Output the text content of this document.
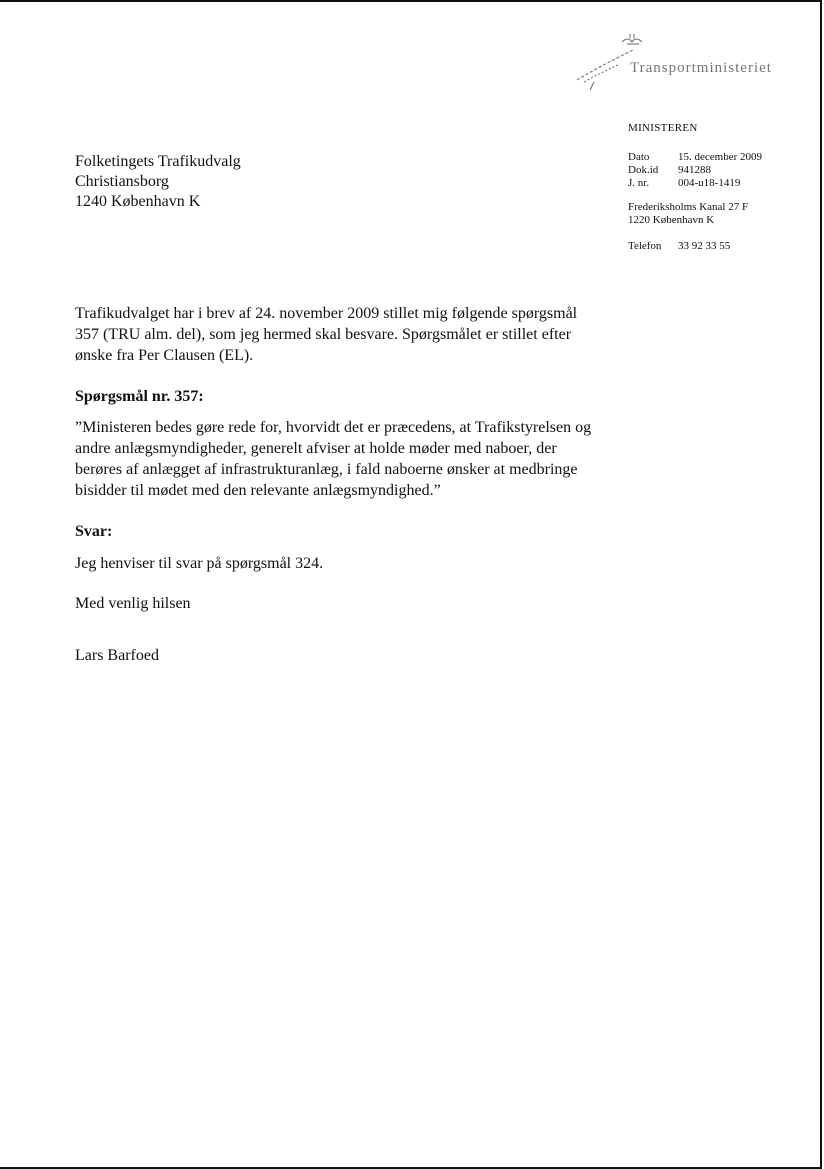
Transportministeriet
MINISTEREN
Dato	15. december 2009
Dok.id	941288
J. nr.	004-u18-1419
Frederiksholms Kanal 27 F
1220 København K
Telefon	33 92 33 55
Folketingets Trafikudvalg
Christiansborg
1240 København K

Trafikudvalget har i brev af 24. november 2009 stillet mig følgende spørgsmål 357 (TRU alm. del), som jeg hermed skal besvare. Spørgsmålet er stillet efter ønske fra Per Clausen (EL).

Spørgsmål nr. 357:

”Ministeren bedes gøre rede for, hvorvidt det er præcedens, at Trafikstyrelsen og andre anlægsmyndigheder, generelt afviser at holde møder med naboer, der berøres af anlægget af infrastrukturanlæg, i fald naboerne ønsker at medbringe bisidder til mødet med den relevante anlægsmyndighed.”

Svar:

Jeg henviser til svar på spørgsmål 324.

Med venlig hilsen

Lars Barfoed
